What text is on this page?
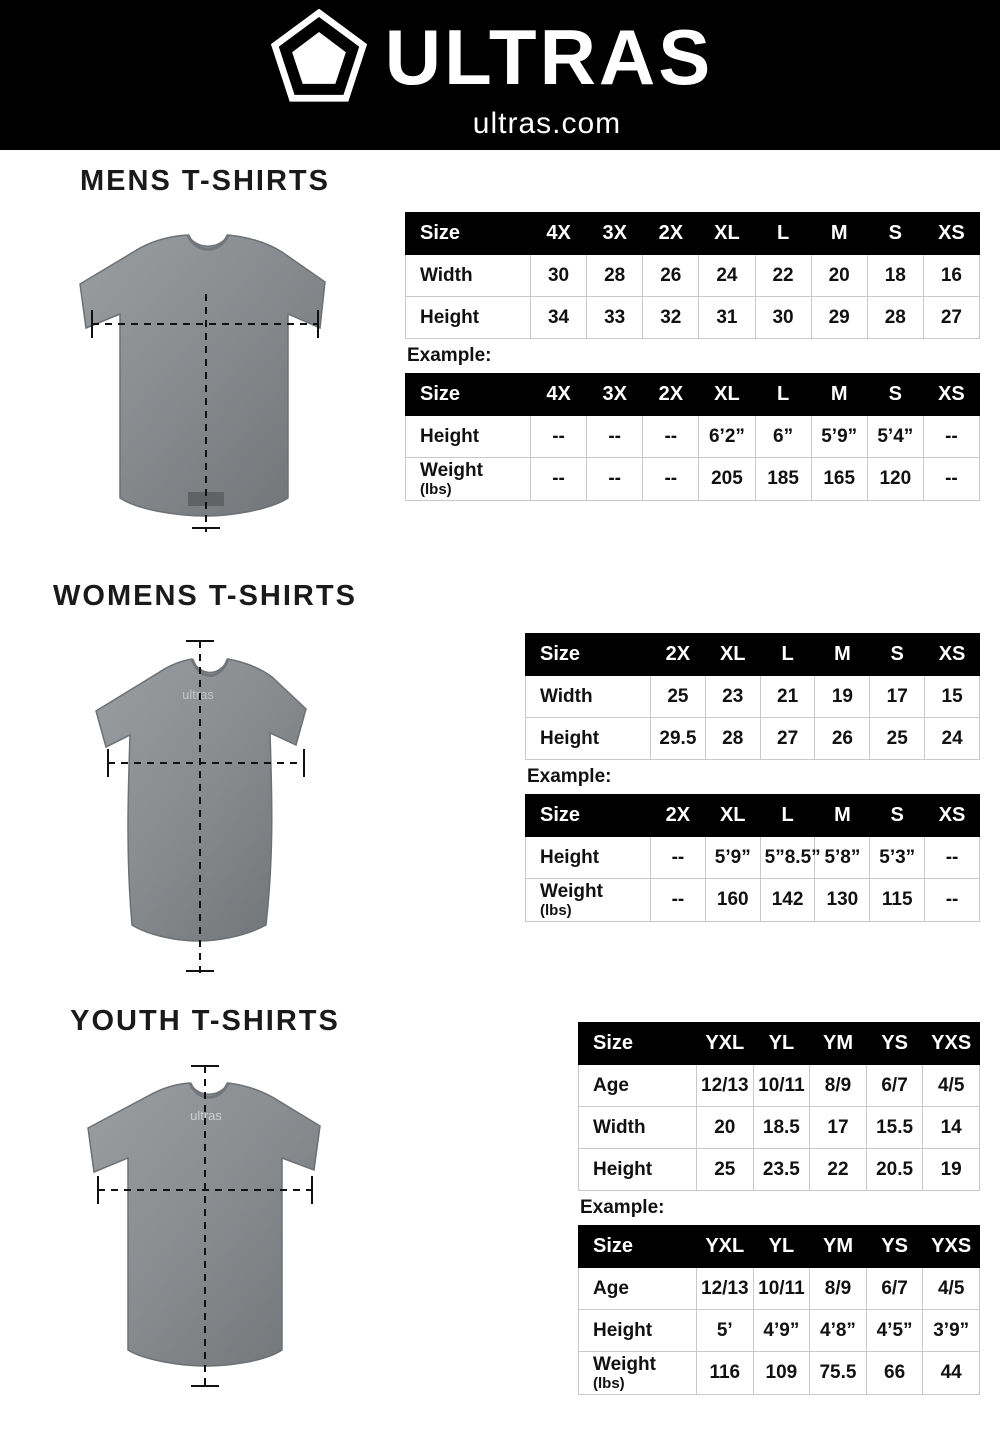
ULTRAS
ultras.com
MENS T-SHIRTS
Size	4X	3X	2X	XL	L	M	S	XS
Width	30	28	26	24	22	20	18	16
Height	34	33	32	31	30	29	28	27
Example:
Size	4X	3X	2X	XL	L	M	S	XS
Height	--	--	--	6’2”	6”	5’9”	5’4”	--
Weight
(lbs)	--	--	--	205	185	165	120	--
WOMENS T-SHIRTS
ultras
Size	2X	XL	L	M	S	XS
Width	25	23	21	19	17	15
Height	29.5	28	27	26	25	24
Example:
Size	2X	XL	L	M	S	XS
Height	--	5’9”	5”8.5”	5’8”	5’3”	--
Weight
(lbs)	--	160	142	130	115	--
YOUTH T-SHIRTS
ultras
Size	YXL	YL	YM	YS	YXS
Age	12/13	10/11	8/9	6/7	4/5
Width	20	18.5	17	15.5	14
Height	25	23.5	22	20.5	19
Example:
Size	YXL	YL	YM	YS	YXS
Age	12/13	10/11	8/9	6/7	4/5
Height	5’	4’9”	4’8”	4’5”	3’9”
Weight
(lbs)	116	109	75.5	66	44
